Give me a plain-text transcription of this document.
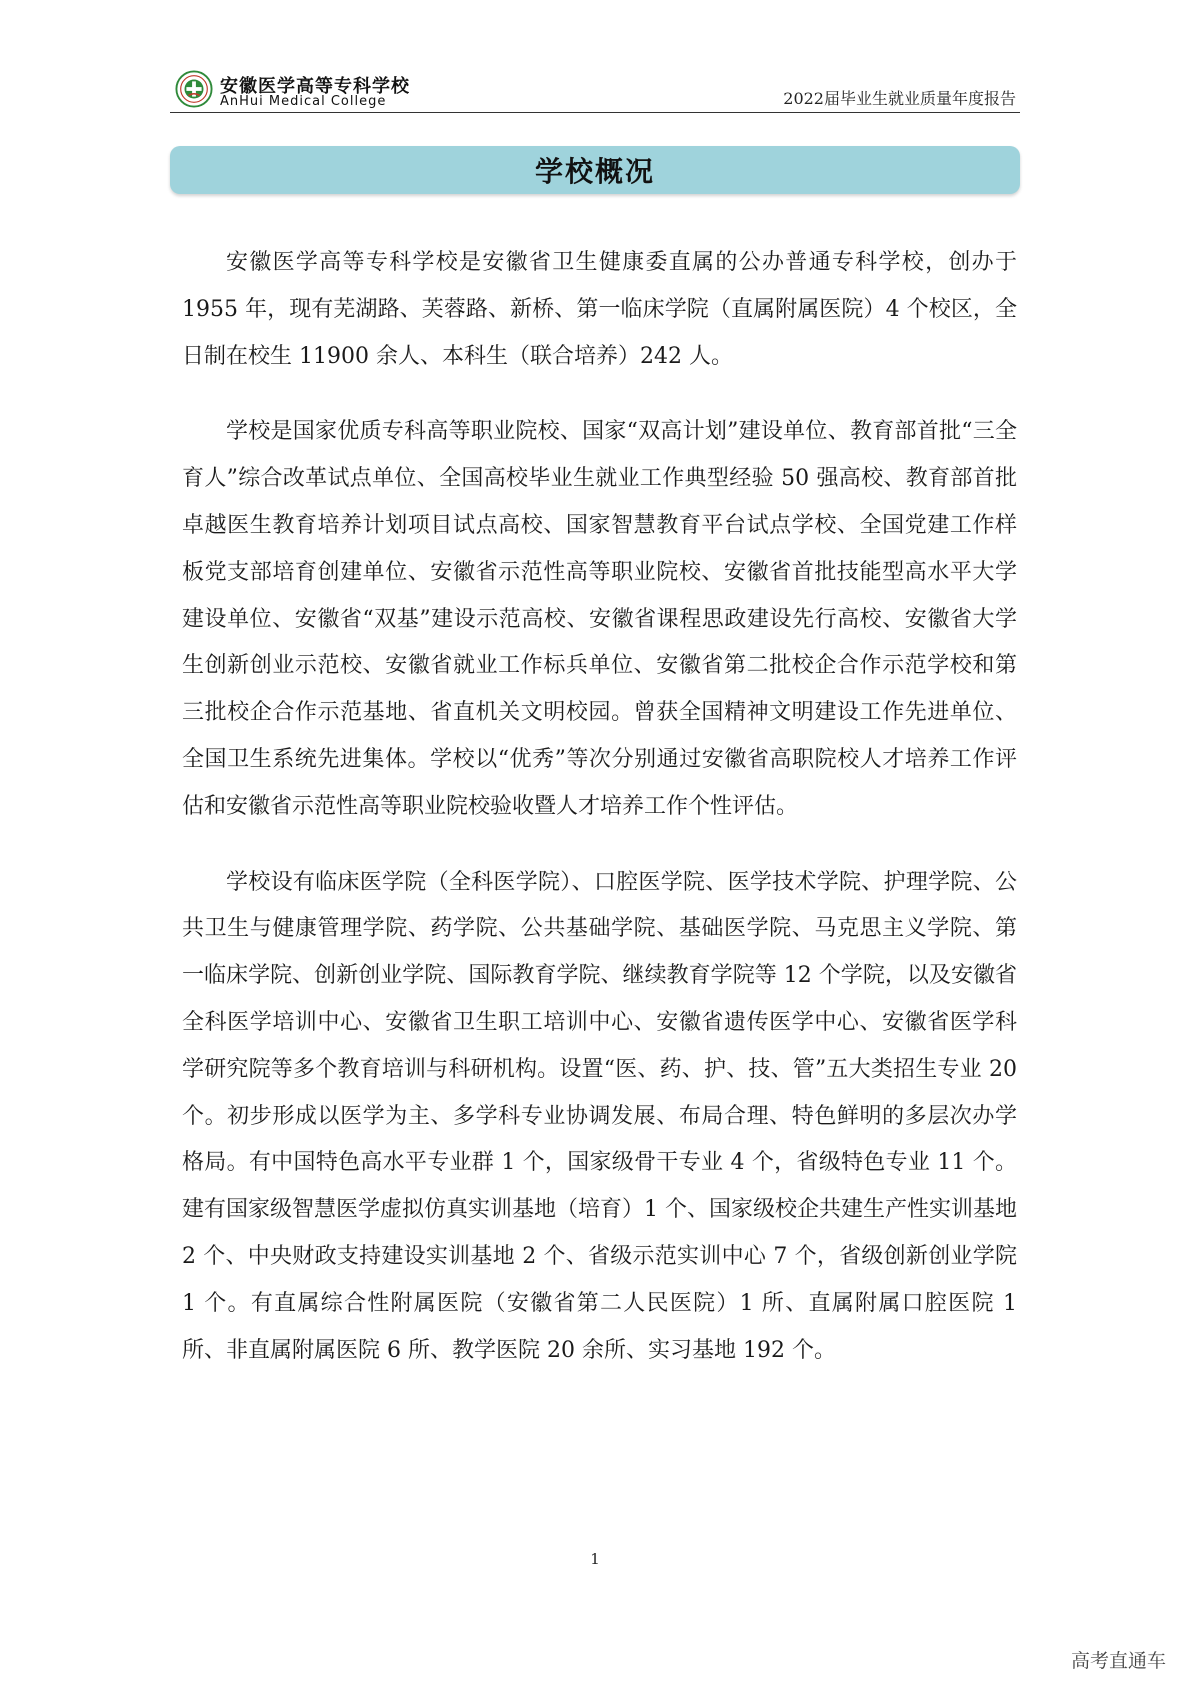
安徽医学高等专科学校
AnHui Medical College	2022届毕业生就业质量年度报告
学校概况

安徽医学高等专科学校是安徽省卫生健康委直属的公办普通专科学校，创办于 1955 年，现有芜湖路、芙蓉路、新桥、第一临床学院（直属附属医院）4 个校区，全日制在校生 11900 余人、本科生（联合培养）242 人。

学校是国家优质专科高等职业院校、国家“双高计划”建设单位、教育部首批“三全育人”综合改革试点单位、全国高校毕业生就业工作典型经验 50 强高校、教育部首批卓越医生教育培养计划项目试点高校、国家智慧教育平台试点学校、全国党建工作样板党支部培育创建单位、安徽省示范性高等职业院校、安徽省首批技能型高水平大学建设单位、安徽省“双基”建设示范高校、安徽省课程思政建设先行高校、安徽省大学生创新创业示范校、安徽省就业工作标兵单位、安徽省第二批校企合作示范学校和第三批校企合作示范基地、省直机关文明校园。曾获全国精神文明建设工作先进单位、全国卫生系统先进集体。学校以“优秀”等次分别通过安徽省高职院校人才培养工作评估和安徽省示范性高等职业院校验收暨人才培养工作个性评估。

学校设有临床医学院（全科医学院）、口腔医学院、医学技术学院、护理学院、公共卫生与健康管理学院、药学院、公共基础学院、基础医学院、马克思主义学院、第一临床学院、创新创业学院、国际教育学院、继续教育学院等 12 个学院，以及安徽省全科医学培训中心、安徽省卫生职工培训中心、安徽省遗传医学中心、安徽省医学科学研究院等多个教育培训与科研机构。设置“医、药、护、技、管”五大类招生专业 20 个。初步形成以医学为主、多学科专业协调发展、布局合理、特色鲜明的多层次办学格局。有中国特色高水平专业群 1 个，国家级骨干专业 4 个，省级特色专业 11 个。建有国家级智慧医学虚拟仿真实训基地（培育）1 个、国家级校企共建生产性实训基地 2 个、中央财政支持建设实训基地 2 个、省级示范实训中心 7 个，省级创新创业学院 1 个。有直属综合性附属医院（安徽省第二人民医院）1 所、直属附属口腔医院 1 所、非直属附属医院 6 所、教学医院 20 余所、实习基地 192 个。

1
高考直通车
